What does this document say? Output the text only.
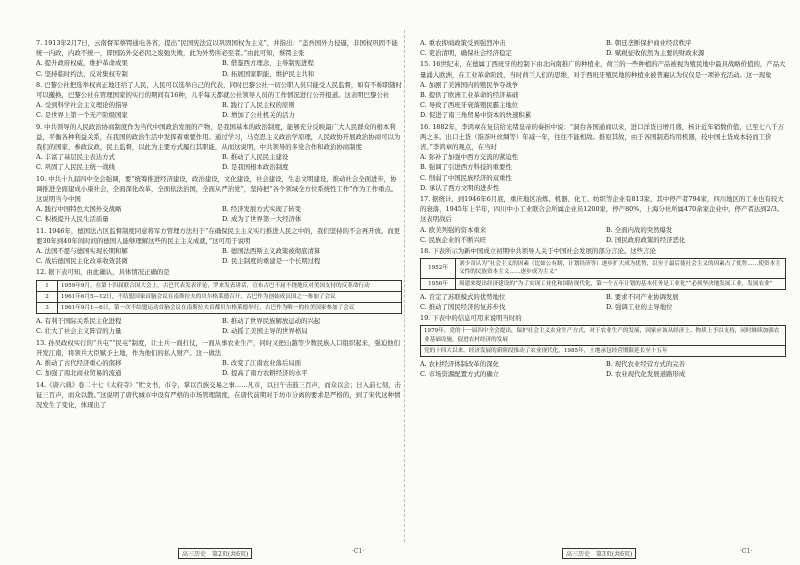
7. 1913年2月7日，云南督军蔡锷通电各省，提出“民国宪法宜以巩固国权为主义”，并指出：“盖吾国外力侵逼，非国权巩固不能统一内政，内政不统一，即国防外交必因之废弛失败，此为外势所必至者。”由此可知，蔡锷主张
A. 提升政府权威，维护革命成果	B. 借鉴西方理念，主导制宪进程
C. 坚持临时约法，反对集权专制	D. 拓展国家职能，维护民主共和
8. 巴黎公社把选举权真正地还给了人民，人民可以选举自己的代表，同时巴黎公社一切公职人员只能受人民监督，如有不称职随时可以撤换，巴黎公社在管理国家的实行的期间有16种，儿乎每天都就公社领导人员的工作情况进行公开报道。这表明巴黎公社
A. 受到科学社会主义理论的指导	B. 践行了人民主权的原则
C. 是世界上第一个无产阶级国家	D. 增加了公社机关的活力
9. 中共领导的人民政治协商制度作为当代中国政治发展的产物，是我国基本的政治制度，能够充分反映最广大人民群众的根本利益，平衡各种利益关系，在我国的政治生活中发挥着重要作用。通过学习，马克思主义政治学原理，人民政协开展政治协商可以为我们的国家，参政议政，民主监督，以此为主要方式履行其职能，从而这说明，中共领导的多党合作和政治协商制度
A. 丰富了基层民主表达方式	B. 推动了人民民主建设
C. 巩固了人民民主统一战线	D. 是我国根本政治制度
10. 中共十九届四中全会强调，要“统筹推进经济建设，政治建设，文化建设，社会建设，生态文明建设，推动社会全面进步，协调推进全面建成小康社会，全面深化改革，全面依法治国，全面从严治党”，坚持把“各个领域全方位系统性工作”作为工作重点。这说明当今中国
A. 践行中国特色大国外交战略	B. 经济发展方式实现了转变
C. 积极提升人民生活质量	D. 成为了世界第一大经济体
11. 1946年，德国法占区监督制度同意将军方管理方法归于“在确保民主主义实行推进人民之中的，我们坚持的不会再开放。而更要30年到40年间时间的德国人能够理解这些的民主主义成就，”这可用于说明
A. 法国不愿与德国实现长期和解	B. 德国法西斯主义政策被彻底清算
C. 战后德国民主化改革收效甚微	D. 民主制度的重建是一个长期过程
12. 据下表可知，由此确认，具体情况正确的是
1	1959年9月，在第十四届联合国大会上，古巴代表发表评论，罗来发表讲话，宣布古巴不屈不挠地反对美国支持的反革命行动
2	1961年6月5—12日，不结盟国家首脑会议在南斯拉夫的贝尔格莱德召开，古巴作为创始成员国之一参加了会议
3	1961年9月1—6日，第一次不结盟运动首脑会议在南斯拉夫首都贝尔格莱德举行，古巴作为唯一的拉美国家参加了会议
A. 有利于国际关系民主化进程	B. 推动了世界民族解放运动的兴起
C. 壮大了社会主义阵营的力量	D. 动摇了美国主导的世界格局
13. 孙吴政权实行的“兵屯”“民屯”制度，让士兵一面打仗，一面从事农业生产，同时又把山越等少数民族人口组织起来，强迫他们开发江南，将领兵大臣赋予土地，作为他们的私人财产。这一做法
A. 推动了古代经济重心的南移	B. 改变了江南农业落后局面
C. 加强了南北商业贸易的流通	D. 提高了南方农耕经济的水平
14.《唐六典》卷二十七《太府寺》“贮文书，市令，掌以百族交易之事……凡市，以日午击鼓三百声，而众以会；日入前七刻，击钲三百声，而众以散。”这说明了唐代城市中设有严格的市场管理制度，在唐代前期对于坊市分离的要求是严格的，到了宋代这种情况发生了变化，体现出了
A. 重农抑商政策受到强烈冲击	B. 朝廷垄断保护商业经营秩序
C. 吏治清明，确保社会经济稳定	D. 赋税征收依然为主要的财政来源
15. 16世纪末，在德属丁西班牙的控制下由北向南推广的种植业，荷兰的一些种植的产品被视为殖民地中最具战略价值的，产品大量涌入欧洲，在工业革命阶段，当时荷兰人们的思维，对于西班牙殖民地的种植业被普遍认为仅仅是一项补充活动。这一现象
A. 加剧了美洲国内的殖民争夺战争
B. 提供了欧洲工业革命的经济基础
C. 导致了西班牙衰落殖民霸主地位
D. 促进了南三角贸易中资本的快速积累
16. 1882年，李鸿章在复信给光绪皇帝的奏折中说：“洞台各国通商以来，进口洋货日增月盛，核计近年销数价值，已至七八千万两之多。出口土货（指茶叶丝绸等）年减一年，往往不能相敌。推原其故，由于各国制造均用机器，较中国土货成本轻而工价省。”李鸿章的观点，在当时
A. 弥补了加强中西方交流的紧迫性
B. 强调了引进西方科技的重要性
C. 削弱了中国民族经济的双重性
D. 承认了西方文明的进步性
17. 据统计，到1946年6月底，重庆地区冶炼、机器、化工、纺织等企业有813家，其中停产者794家，四川地区的工业也有较大的衰落，1945年上半年，四川中小工业联合会所属企业员1200家，停产80%，上海分社所属470余家企业中，停产者达到2/3。这表明战后
A. 欧美列强的资本重来	B. 全面内战的突然爆发
C. 民族企业的不断兴旺	D. 国民政府政策的经济恶化
18. 下表所示为新中国成立初期中共领导人关于中国社会发展的部分言论。这些言论
1952年	刘少奇认为“社会主义的因素（比如公有制，计划经济等）逐步扩大成为优势，以至于最后使社会主义的因素占了优势……使资本主义性的民族资本主义……逐步成为主义”
1956年	周恩来提出经济建设的“为了实现工业化和国防现代化，第一个五年计划的基本任务是工业化”“必须坚决地发展工业，发展农业”
A. 肯定了苏联模式的优势地位	B. 要求不同产业协调发展
C. 推动了国民经济的复苏步伐	D. 强调工业的主导地位
19. 下表中的信息可用来说明当时的
1979年，党的十一届四中全会提出，保护社会主义农业生产方式，对于农业生产的发展，国家应该从经济上、物质上予以支持，同时继续加强农业基础设施，促进农村经济的发展
党的十四大以来，经济发展的新阶段推动了农业现代化，1985年，土地承包经营期限延长至十五年
A. 农村经济体制改革的深化	B. 现代农业经营方式的完善
C. 市场资源配置方式的确立	D. 农业现代化发展道路形成
高三历史　第2页(共6页)	·C1·	高三历史　第3页(共6页)	·C1·
